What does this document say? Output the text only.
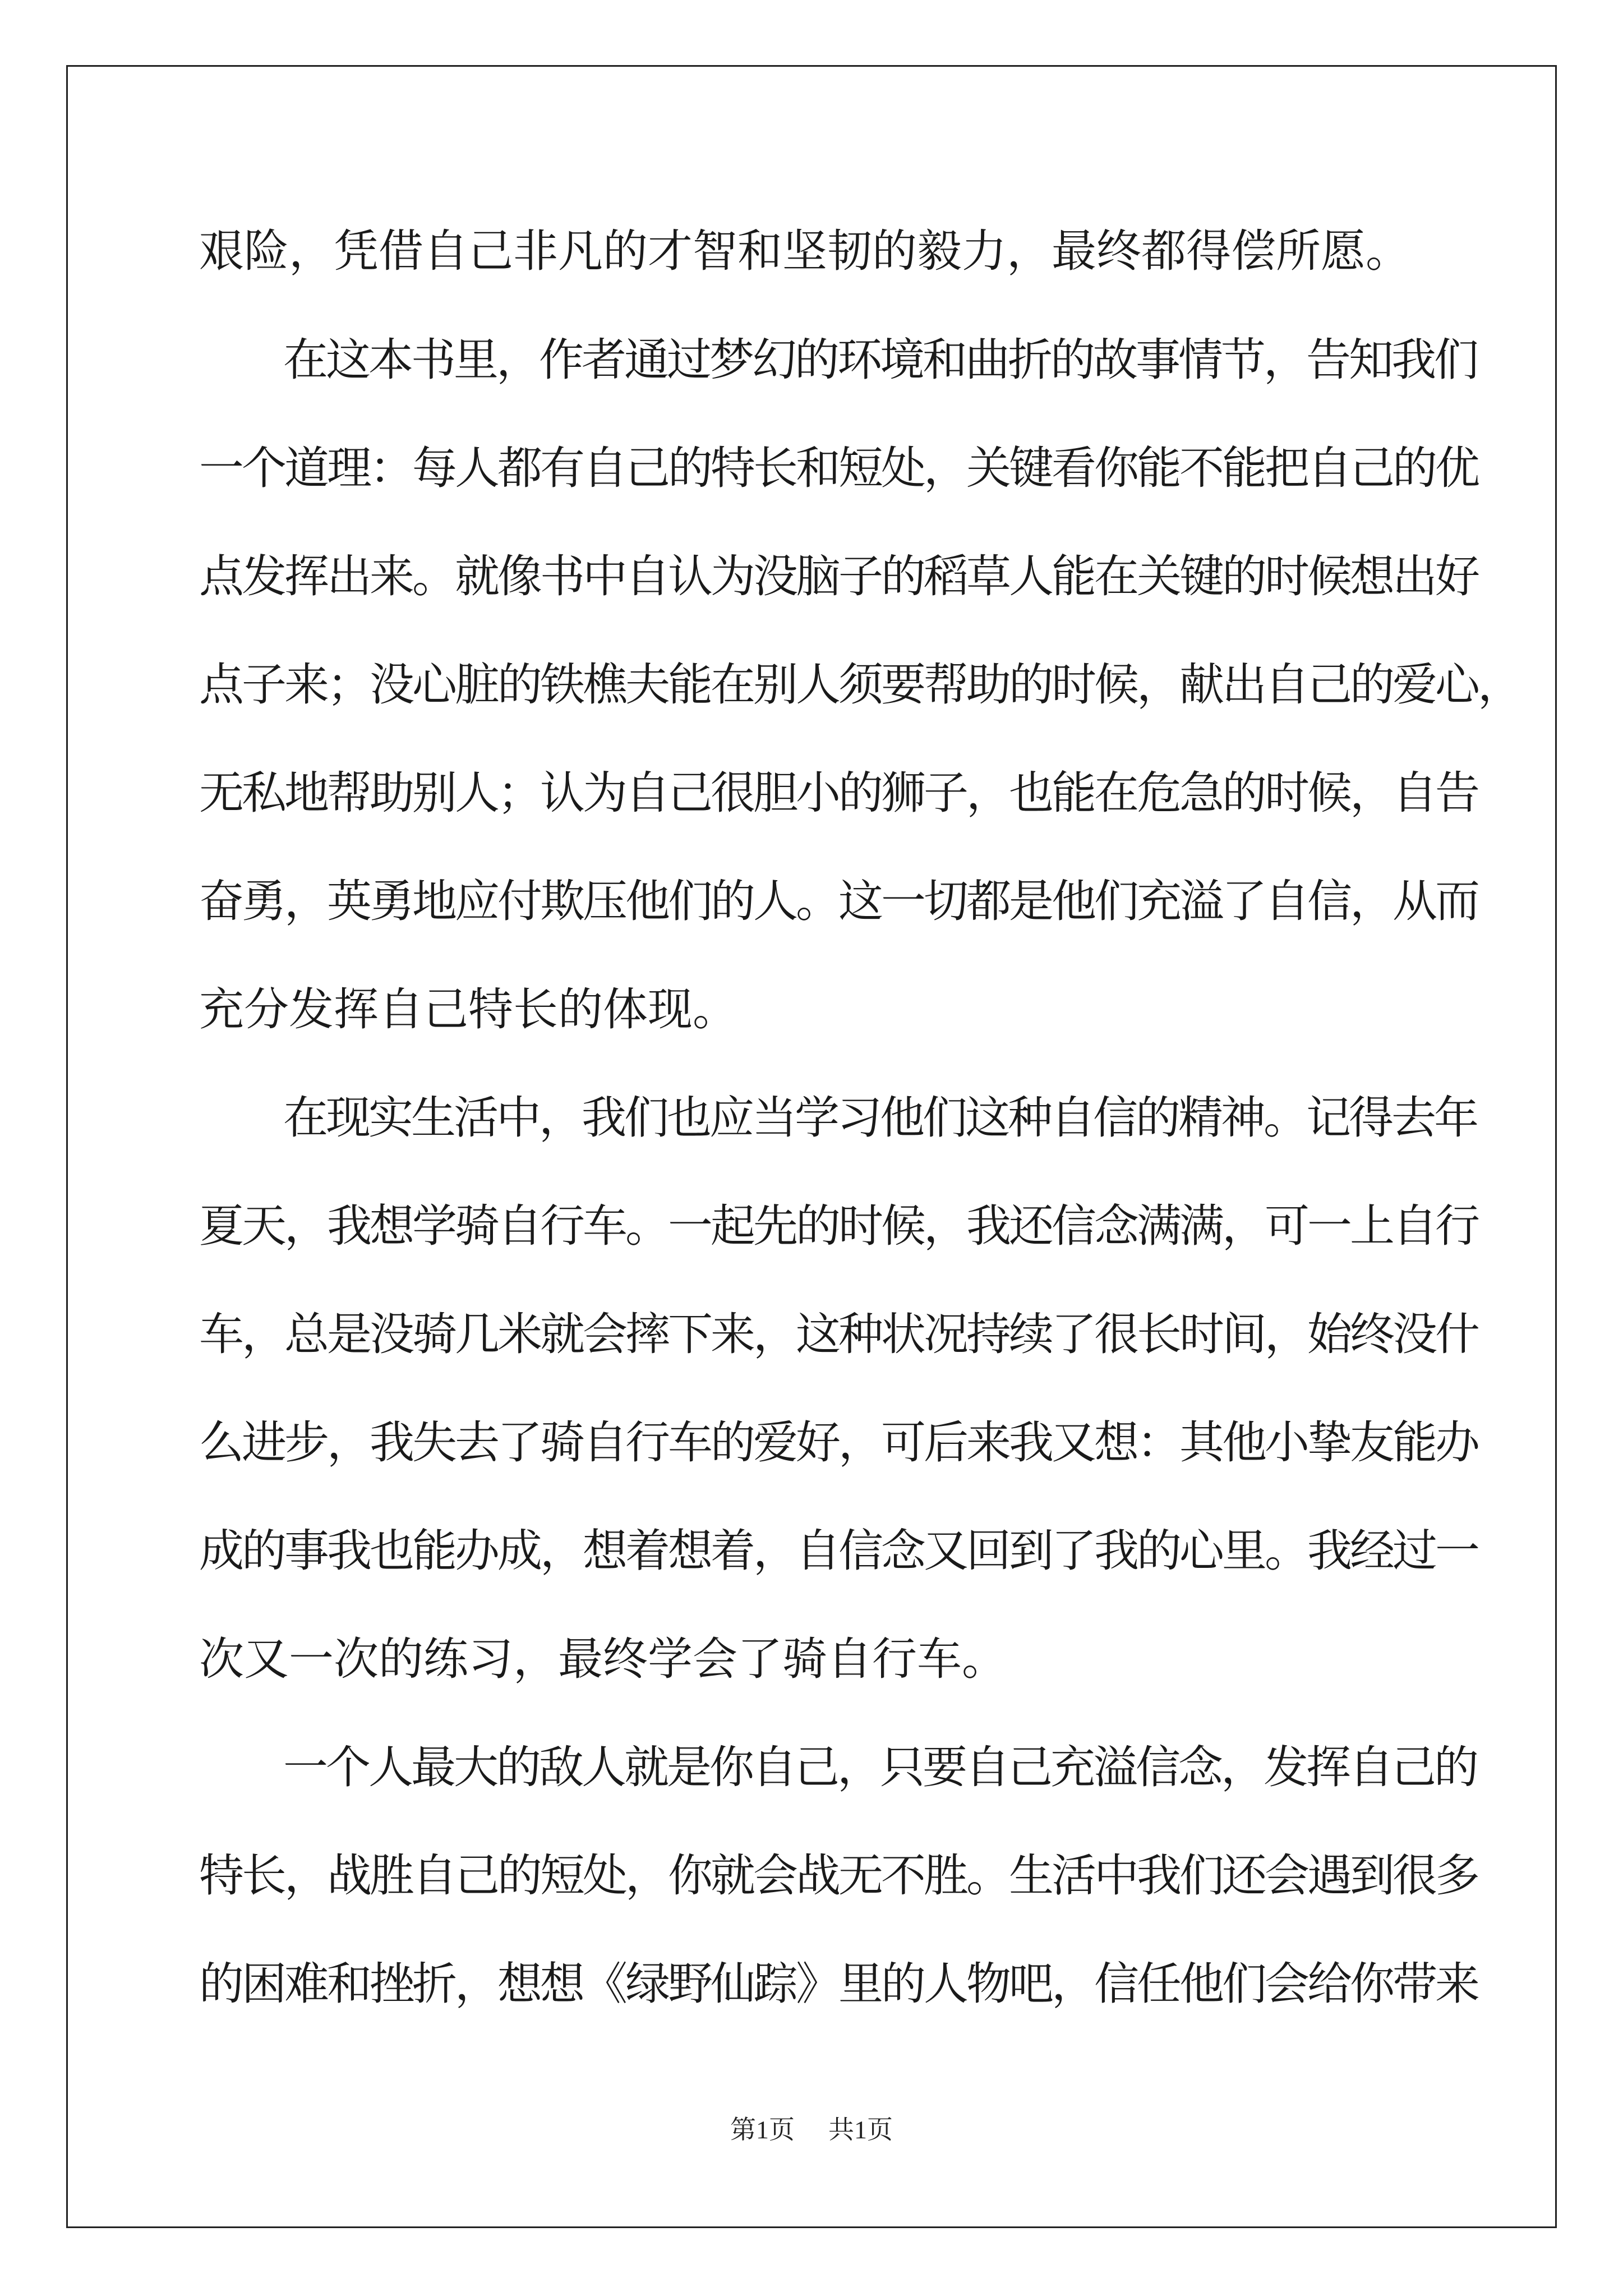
艰险，凭借自己非凡的才智和坚韧的毅力，最终都得偿所愿。
在这本书里，作者通过梦幻的环境和曲折的故事情节，告知我们
一个道理：每人都有自己的特长和短处，关键看你能不能把自己的优
点发挥出来。就像书中自认为没脑子的稻草人能在关键的时候想出好
点子来；没心脏的铁樵夫能在别人须要帮助的时候，献出自己的爱心，
无私地帮助别人；认为自己很胆小的狮子，也能在危急的时候，自告
奋勇，英勇地应付欺压他们的人。这一切都是他们充溢了自信，从而
充分发挥自己特长的体现。
在现实生活中，我们也应当学习他们这种自信的精神。记得去年
夏天，我想学骑自行车。一起先的时候，我还信念满满，可一上自行
车，总是没骑几米就会摔下来，这种状况持续了很长时间，始终没什
么进步，我失去了骑自行车的爱好，可后来我又想：其他小挚友能办
成的事我也能办成，想着想着，自信念又回到了我的心里。我经过一
次又一次的练习，最终学会了骑自行车。
一个人最大的敌人就是你自己，只要自己充溢信念，发挥自己的
特长，战胜自己的短处，你就会战无不胜。生活中我们还会遇到很多
的困难和挫折，想想《绿野仙踪》里的人物吧，信任他们会给你带来
第1页 共1页
